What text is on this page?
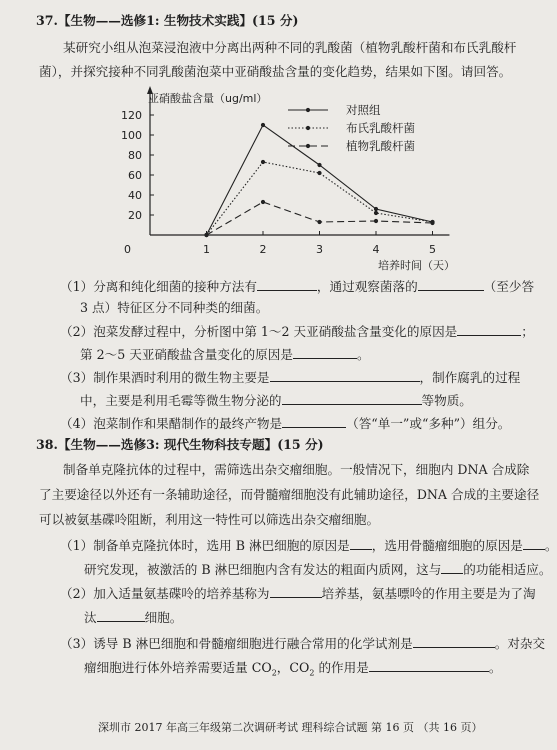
37.【生物——选修1: 生物技术实践】(15 分)
某研究小组从泡菜浸泡液中分离出两种不同的乳酸菌（植物乳酸杆菌和布氏乳酸杆
菌），并探究接种不同乳酸菌泡菜中亚硝酸盐含量的变化趋势，结果如下图。请回答。
亚硝酸盐含量（ug/ml）
20
40
60
80
100
120
0	1	2	3	4	5
培养时间（天）
对照组
布氏乳酸杆菌
植物乳酸杆菌
（1）分离和纯化细菌的接种方法有	，通过观察菌落的	（至少答
3 点）特征区分不同种类的细菌。
（2）泡菜发酵过程中，分析图中第 1～2 天亚硝酸盐含量变化的原因是	；
第 2～5 天亚硝酸盐含量变化的原因是	。
（3）制作果酒时利用的微生物主要是	，制作腐乳的过程
中，主要是利用毛霉等微生物分泌的	等物质。
（4）泡菜制作和果醋制作的最终产物是	（答“单一”或“多种”）组分。
38.【生物——选修3: 现代生物科技专题】(15 分)
制备单克隆抗体的过程中，需筛选出杂交瘤细胞。一般情况下，细胞内 DNA 合成除
了主要途径以外还有一条辅助途径，而骨髓瘤细胞没有此辅助途径，DNA 合成的主要途径
可以被氨基碟呤阻断，利用这一特性可以筛选出杂交瘤细胞。
（1）制备单克隆抗体时，选用 B 淋巴细胞的原因是 ，选用骨髓瘤细胞的原因是 。
研究发现，被激活的 B 淋巴细胞内含有发达的粗面内质网，这与 的功能相适应。
（2）加入适量氨基碟呤的培养基称为	培养基，氨基嘌呤的作用主要是为了淘
汰	细胞。
（3）诱导 B 淋巴细胞和骨髓瘤细胞进行融合常用的化学试剂是	。对杂交
瘤细胞进行体外培养需要适量 $CO_2$，$CO_2$ 的作用是	。
深圳市 2017 年高三年级第二次调研考试 理科综合试题 第 16 页 （共 16 页）
